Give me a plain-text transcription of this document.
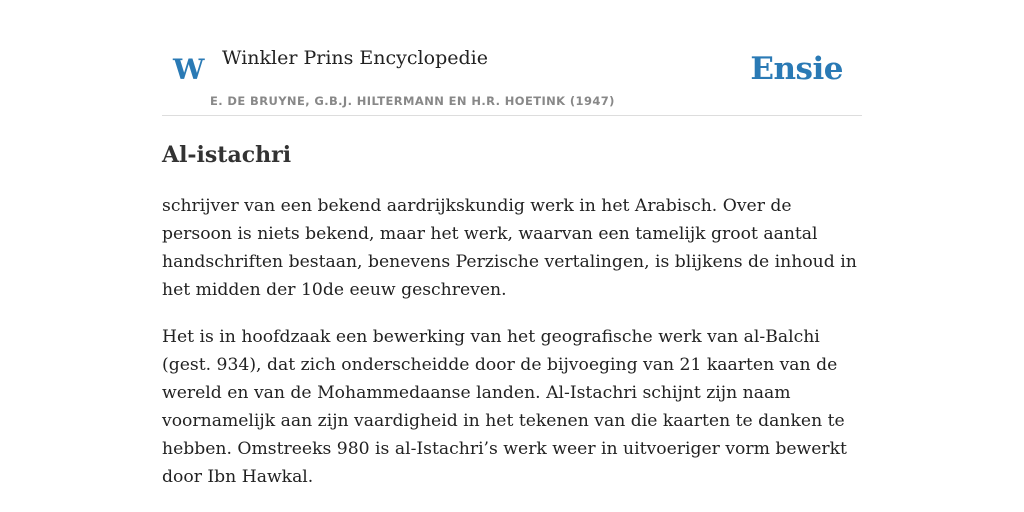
W Winkler Prins Encyclopedie
E. DE BRUYNE, G.B.J. HILTERMANN EN H.R. HOETINK (1947)
Ensie
Al-istachri

schrijver van een bekend aardrijkskundig werk in het Arabisch. Over de persoon is niets bekend, maar het werk, waarvan een tamelijk groot aantal handschriften bestaan, benevens Perzische vertalingen, is blijkens de inhoud in het midden der 10de eeuw geschreven.

Het is in hoofdzaak een bewerking van het geografische werk van al-Balchi (gest. 934), dat zich onderscheidde door de bijvoeging van 21 kaarten van de wereld en van de Mohammedaanse landen. Al-Istachri schijnt zijn naam voornamelijk aan zijn vaardigheid in het tekenen van die kaarten te danken te hebben. Omstreeks 980 is al-Istachri’s werk weer in uitvoeriger vorm bewerkt door Ibn Hawkal.
